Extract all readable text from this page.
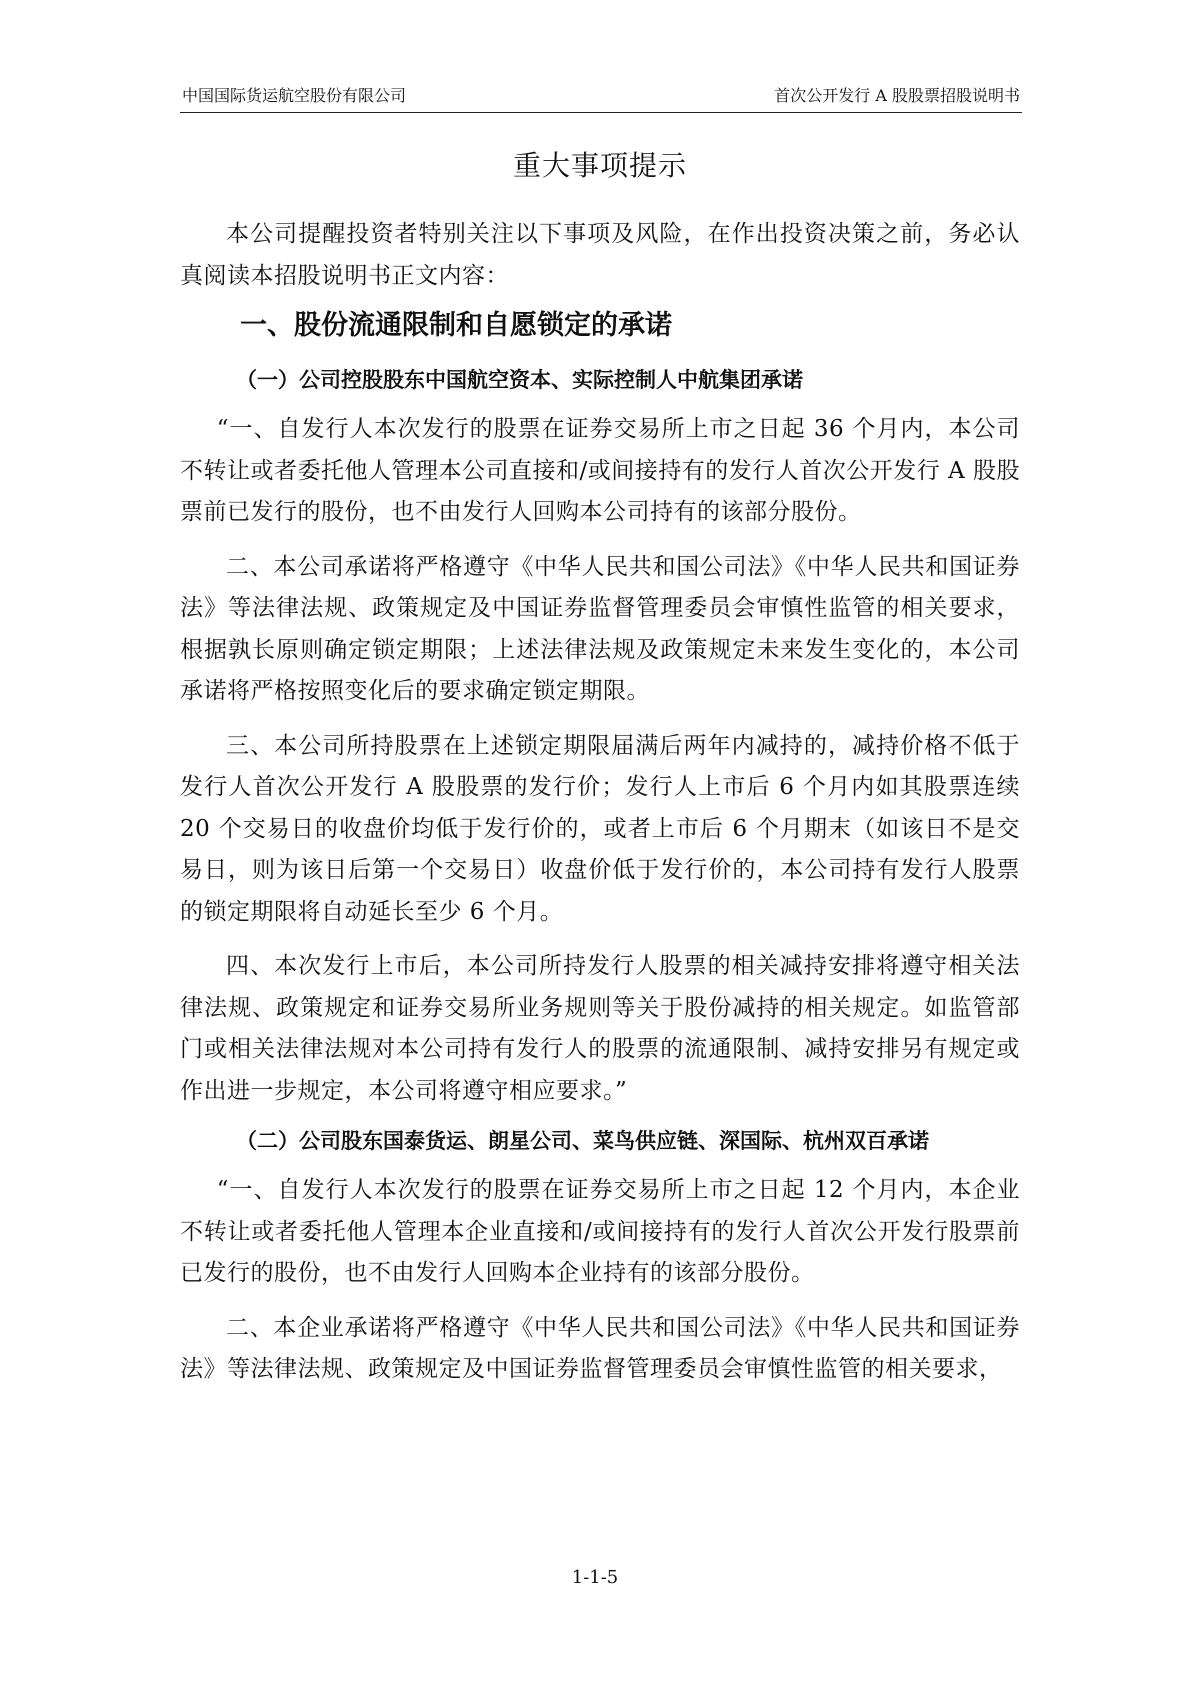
中国国际货运航空股份有限公司	首次公开发行 A 股股票招股说明书
重大事项提示

本公司提醒投资者特别关注以下事项及风险，在作出投资决策之前，务必认真阅读本招股说明书正文内容：

一、股份流通限制和自愿锁定的承诺
（一）公司控股股东中国航空资本、实际控制人中航集团承诺

“一、自发行人本次发行的股票在证券交易所上市之日起 36 个月内，本公司不转让或者委托他人管理本公司直接和/或间接持有的发行人首次公开发行 A 股股票前已发行的股份，也不由发行人回购本公司持有的该部分股份。

二、本公司承诺将严格遵守《中华人民共和国公司法》《中华人民共和国证券法》等法律法规、政策规定及中国证券监督管理委员会审慎性监管的相关要求，根据孰长原则确定锁定期限；上述法律法规及政策规定未来发生变化的，本公司承诺将严格按照变化后的要求确定锁定期限。

三、本公司所持股票在上述锁定期限届满后两年内减持的，减持价格不低于发行人首次公开发行 A 股股票的发行价；发行人上市后 6 个月内如其股票连续 20 个交易日的收盘价均低于发行价的，或者上市后 6 个月期末（如该日不是交易日，则为该日后第一个交易日）收盘价低于发行价的，本公司持有发行人股票的锁定期限将自动延长至少 6 个月。

四、本次发行上市后，本公司所持发行人股票的相关减持安排将遵守相关法律法规、政策规定和证券交易所业务规则等关于股份减持的相关规定。如监管部门或相关法律法规对本公司持有发行人的股票的流通限制、减持安排另有规定或作出进一步规定，本公司将遵守相应要求。”

（二）公司股东国泰货运、朗星公司、菜鸟供应链、深国际、杭州双百承诺

“一、自发行人本次发行的股票在证券交易所上市之日起 12 个月内，本企业不转让或者委托他人管理本企业直接和/或间接持有的发行人首次公开发行股票前已发行的股份，也不由发行人回购本企业持有的该部分股份。

二、本企业承诺将严格遵守《中华人民共和国公司法》《中华人民共和国证券法》等法律法规、政策规定及中国证券监督管理委员会审慎性监管的相关要求，

1-1-5
